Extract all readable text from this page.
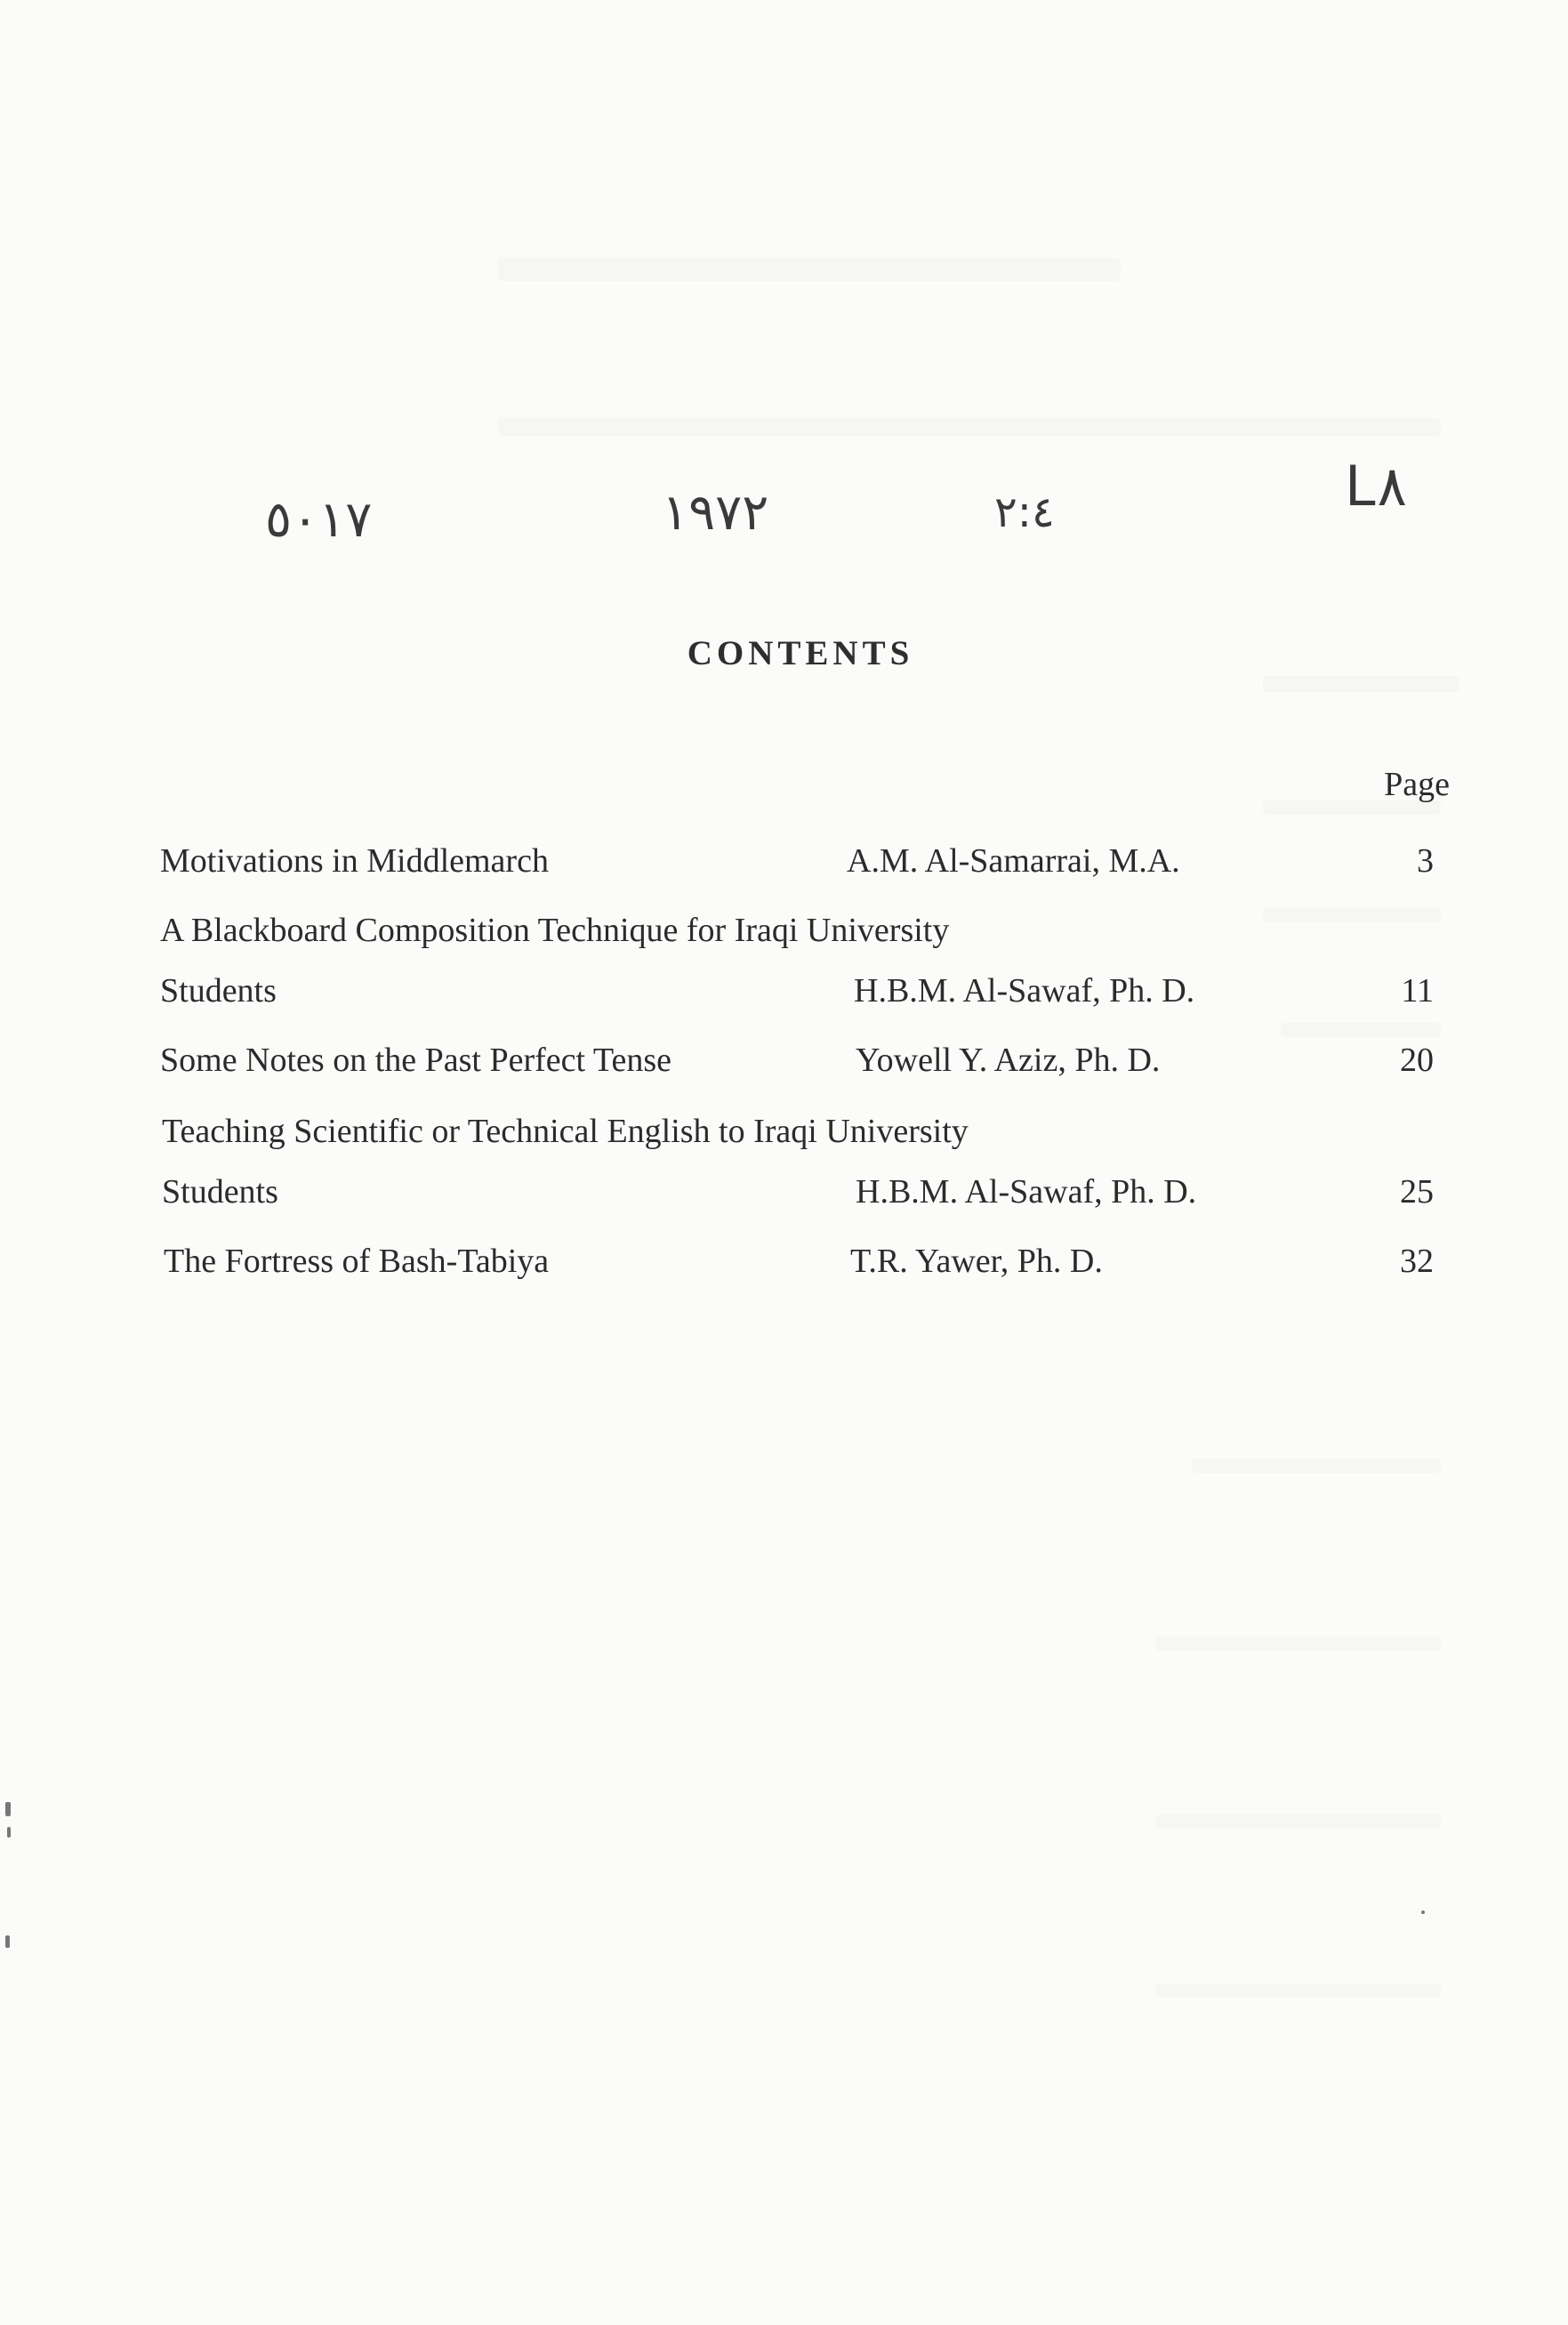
٥٠١٧	١٩٧٢	٢:٤	L٨
CONTENTS
Page
Motivations in Middlemarch	A.M. Al-Samarrai, M.A.	3
A Blackboard Composition Technique for Iraqi University
Students	H.B.M. Al-Sawaf, Ph. D.	11
Some Notes on the Past Perfect Tense	Yowell Y. Aziz, Ph. D.	20
Teaching Scientific or Technical English to Iraqi University
Students	H.B.M. Al-Sawaf, Ph. D.	25
The Fortress of Bash-Tabiya	T.R. Yawer, Ph. D.	32
